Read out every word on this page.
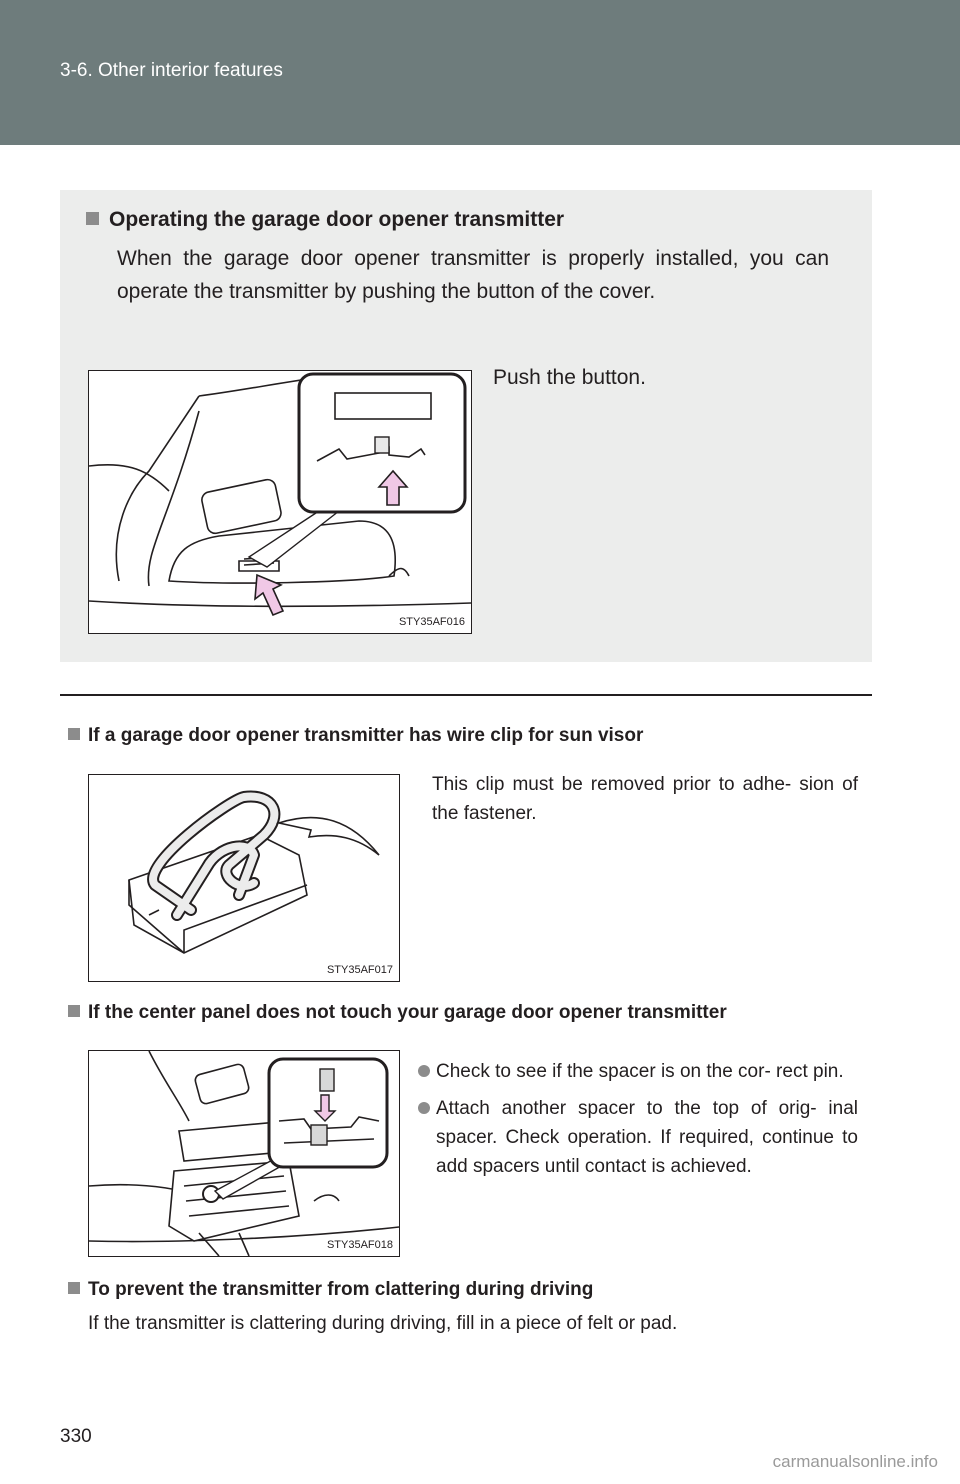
3-6. Other interior features
Operating the garage door opener transmitter
When the garage door opener transmitter is properly installed, you can operate the transmitter by pushing the button of the cover.
Push the button.
STY35AF016
If a garage door opener transmitter has wire clip for sun visor
STY35AF017
This clip must be removed prior to adhe- sion of the fastener.
If the center panel does not touch your garage door opener transmitter
STY35AF018
Check to see if the spacer is on the cor- rect pin.
Attach another spacer to the top of orig- inal spacer. Check operation. If required, continue to add spacers until contact is achieved.
To prevent the transmitter from clattering during driving
If the transmitter is clattering during driving, fill in a piece of felt or pad.
330
carmanualsonline.info
